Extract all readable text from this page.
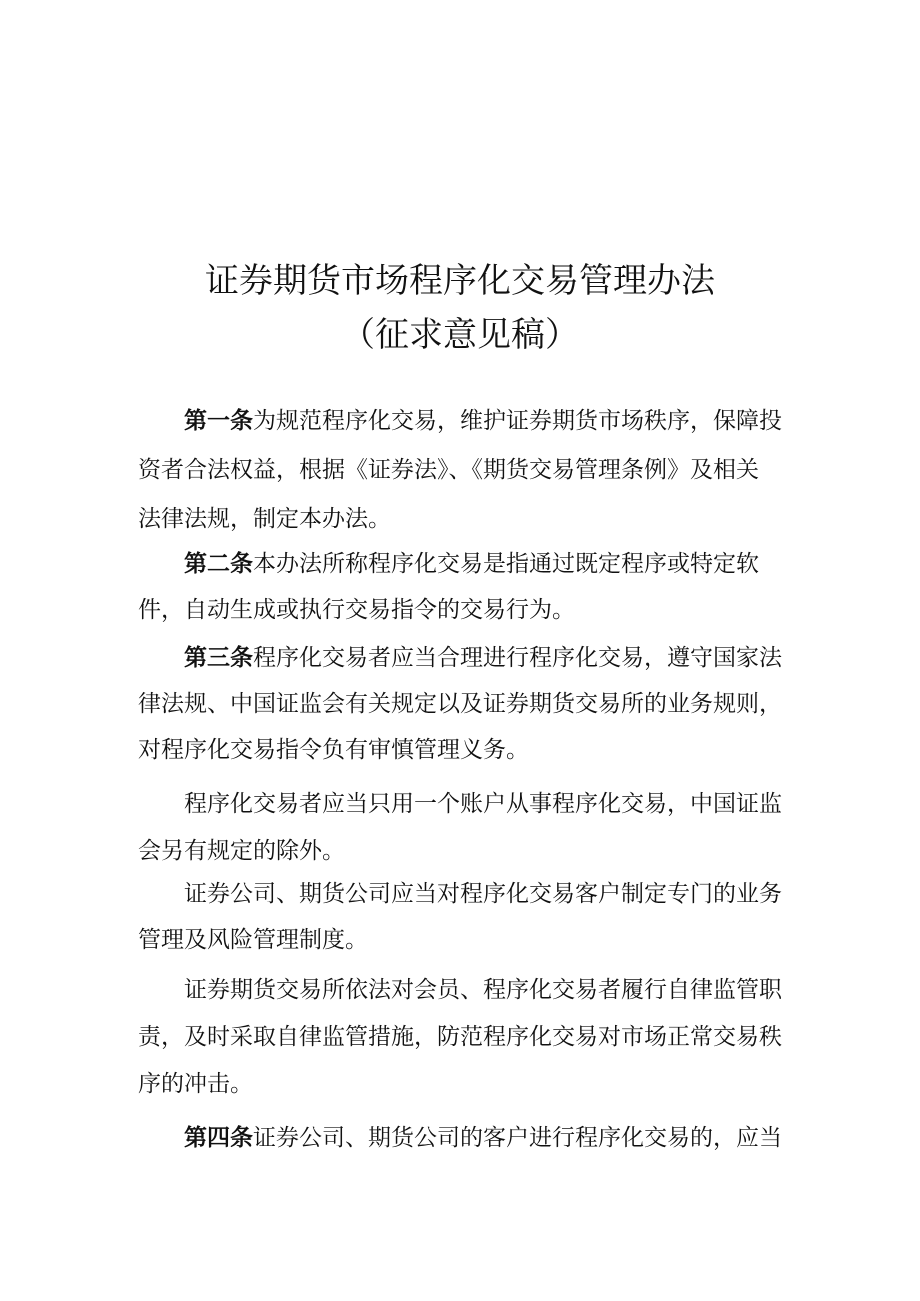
证券期货市场程序化交易管理办法
（征求意见稿）
第一条为规范程序化交易，维护证券期货市场秩序，保障投
资者合法权益，根据《证券法》、《期货交易管理条例》及相关
法律法规，制定本办法。
第二条本办法所称程序化交易是指通过既定程序或特定软
件，自动生成或执行交易指令的交易行为。
第三条程序化交易者应当合理进行程序化交易，遵守国家法
律法规、中国证监会有关规定以及证券期货交易所的业务规则，
对程序化交易指令负有审慎管理义务。
程序化交易者应当只用一个账户从事程序化交易，中国证监
会另有规定的除外。
证券公司、期货公司应当对程序化交易客户制定专门的业务
管理及风险管理制度。
证券期货交易所依法对会员、程序化交易者履行自律监管职
责，及时采取自律监管措施，防范程序化交易对市场正常交易秩
序的冲击。
第四条证券公司、期货公司的客户进行程序化交易的，应当
